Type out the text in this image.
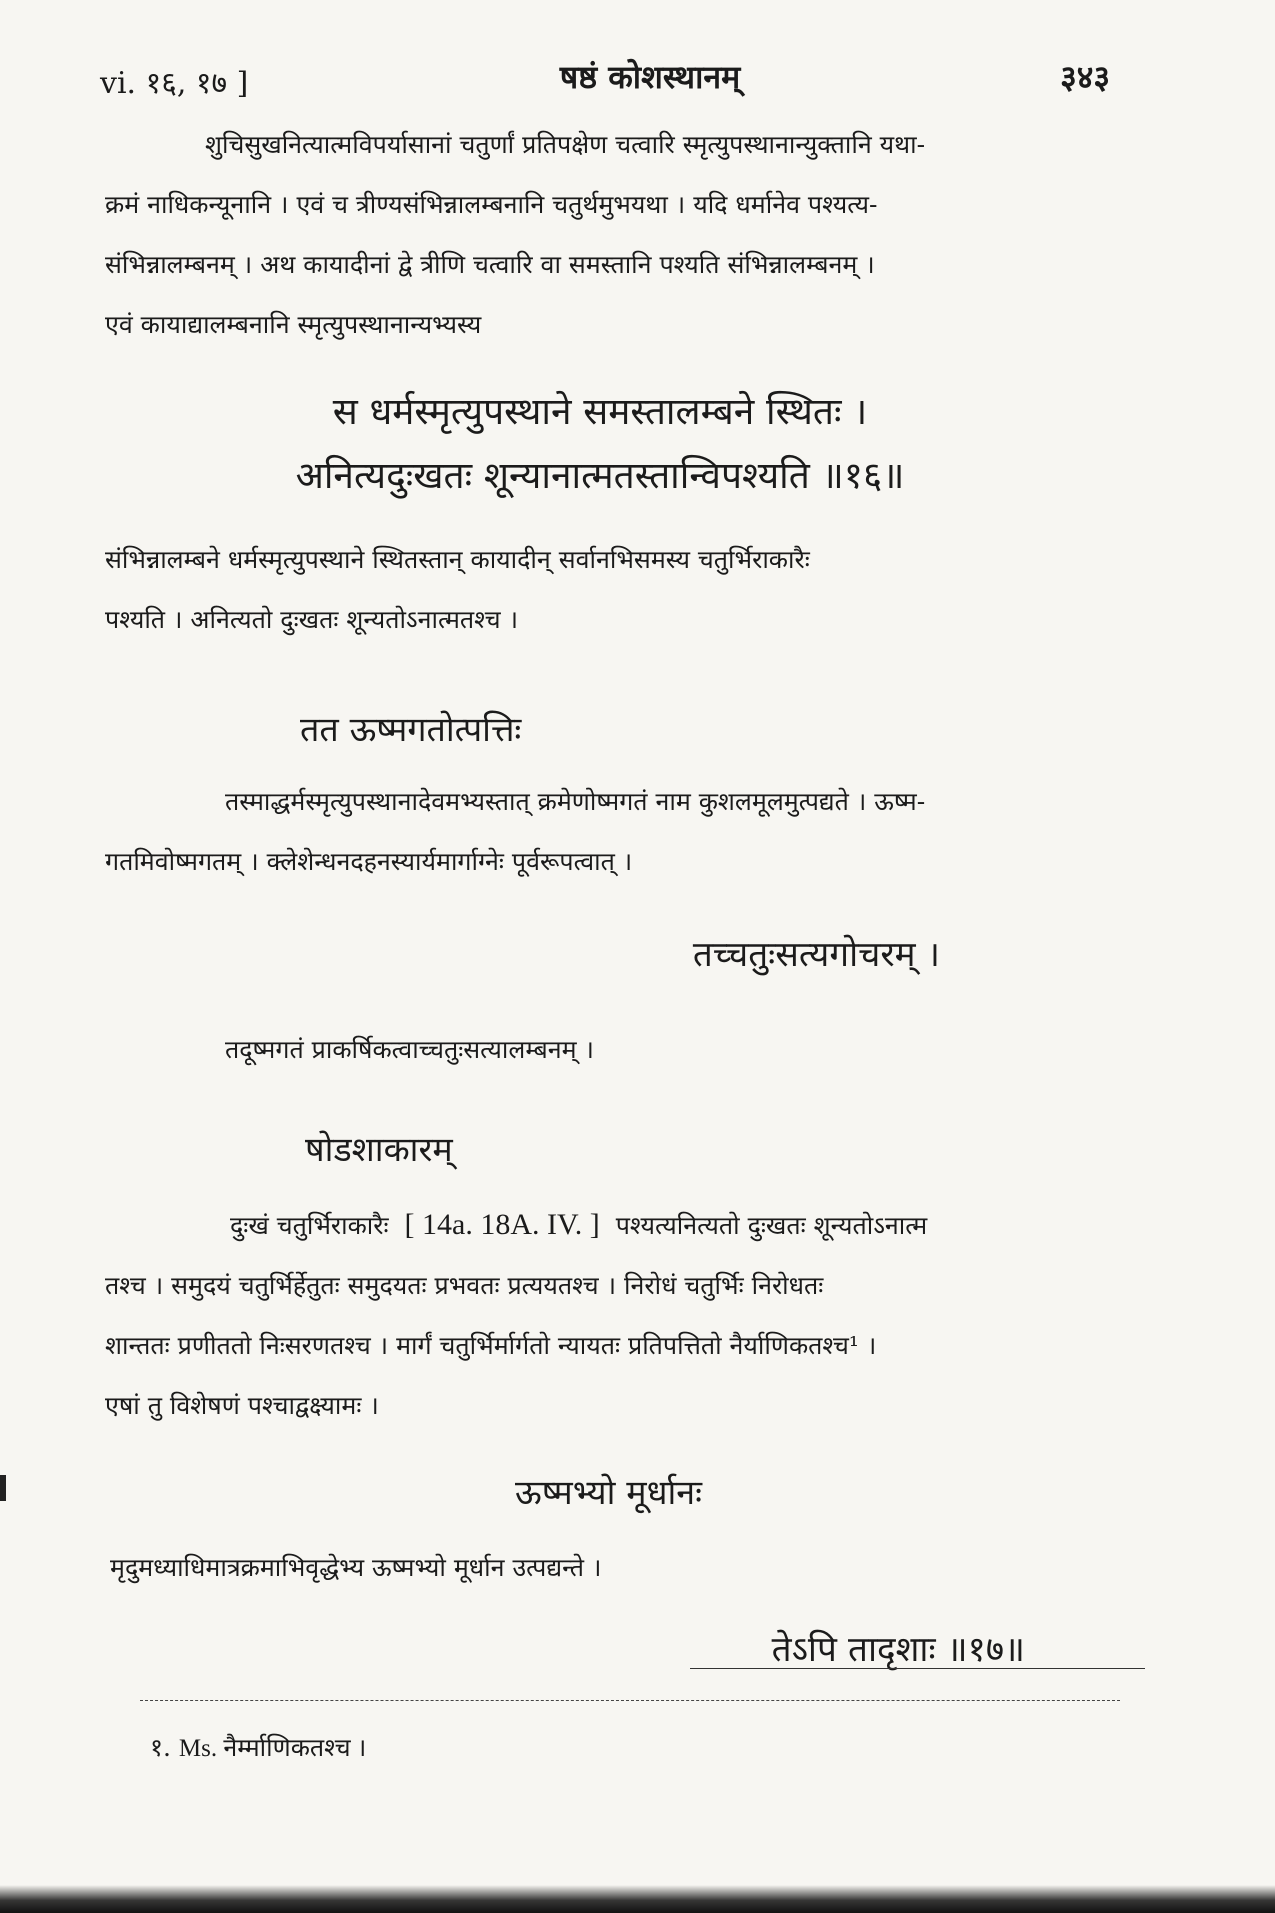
vi. १६, १७ ]	षष्ठं कोशस्थानम्	३४३
शुचिसुखनित्यात्मविपर्यासानां चतुर्णां प्रतिपक्षेण चत्वारि स्मृत्युपस्थानान्युक्तानि यथा-
क्रमं नाधिकन्यूनानि । एवं च त्रीण्यसंभिन्नालम्बनानि चतुर्थमुभयथा । यदि धर्मानेव पश्यत्य-
संभिन्नालम्बनम् । अथ कायादीनां द्वे त्रीणि चत्वारि वा समस्तानि पश्यति संभिन्नालम्बनम् ।
एवं कायाद्यालम्बनानि स्मृत्युपस्थानान्यभ्यस्य
स धर्मस्मृत्युपस्थाने समस्तालम्बने स्थितः ।
अनित्यदुःखतः शून्यानात्मतस्तान्विपश्यति ॥१६॥
संभिन्नालम्बने धर्मस्मृत्युपस्थाने स्थितस्तान् कायादीन् सर्वानभिसमस्य चतुर्भिराकारैः
पश्यति । अनित्यतो दुःखतः शून्यतोऽनात्मतश्च ।
तत ऊष्मगतोत्पत्तिः
तस्माद्धर्मस्मृत्युपस्थानादेवमभ्यस्तात् क्रमेणोष्मगतं नाम कुशलमूलमुत्पद्यते । ऊष्म-
गतमिवोष्मगतम् । क्लेशेन्धनदहनस्यार्यमार्गाग्नेः पूर्वरूपत्वात् ।
तच्चतुःसत्यगोचरम् ।
तदूष्मगतं प्राकर्षिकत्वाच्चतुःसत्यालम्बनम् ।
षोडशाकारम्
दुःखं चतुर्भिराकारैः [ 14a. 18A. IV. ] पश्यत्यनित्यतो दुःखतः शून्यतोऽनात्म
तश्च । समुदयं चतुर्भिर्हेतुतः समुदयतः प्रभवतः प्रत्ययतश्च । निरोधं चतुर्भिः निरोधतः
शान्ततः प्रणीततो निःसरणतश्च । मार्गं चतुर्भिर्मार्गतो न्यायतः प्रतिपत्तितो नैर्याणिकतश्च¹ ।
एषां तु विशेषणं पश्चाद्वक्ष्यामः ।
ऊष्मभ्यो मूर्धानः
मृदुमध्याधिमात्रक्रमाभिवृद्धेभ्य ऊष्मभ्यो मूर्धान उत्पद्यन्ते ।
तेऽपि तादृशाः ॥१७॥
१. Ms. नैर्म्माणिकतश्च ।
